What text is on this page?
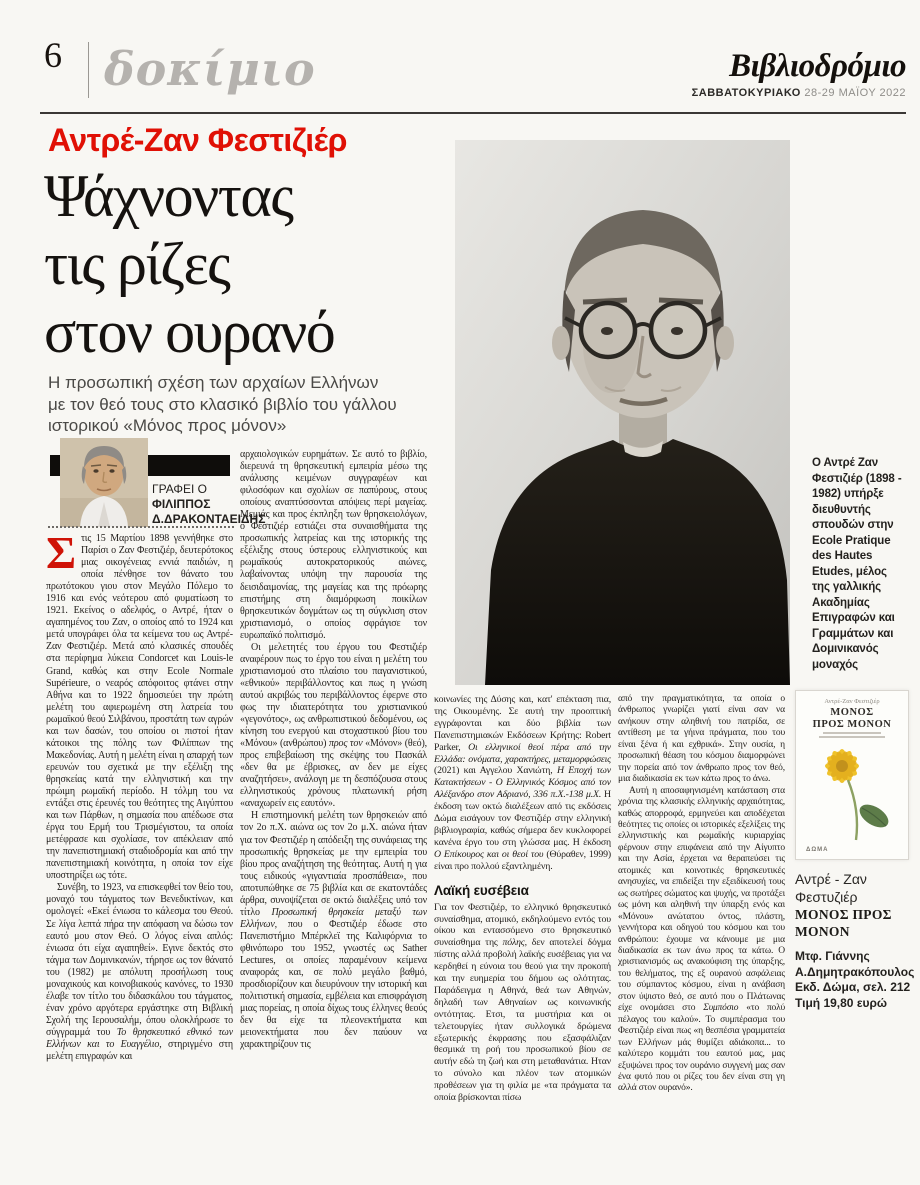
6 δοκίμιο	Βιβλιοδρόμιο
ΣΑΒΒΑΤΟΚΥΡΙΑΚΟ 28-29 ΜΑΪΟΥ 2022
Αντρέ-Ζαν Φεστιζιέρ
Ψάχνοντας
τις ρίζες
στον ουρανό
Η προσωπική σχέση των αρχαίων Ελλήνων
με τον θεό τους στο κλασικό βιβλίο του γάλλου
ιστορικού «Μόνος προς μόνον»
ΓΡΑΦΕΙ Ο ΦΙΛΙΠΠΟΣ
Δ.ΔΡΑΚΟΝΤΑΕΙΔΗΣ
Ο Αντρέ Ζαν Φεστιζιέρ (1898 - 1982) υπήρξε διευθυντής σπουδών στην Ecole Pratique des Hautes Etudes, μέλος της γαλλικής Ακαδημίας Επιγραφών και Γραμμάτων και Δομινικανός μοναχός
Αντρέ-Ζαν Φεστιζιέρ
ΜΟΝΟΣ
ΠΡΟΣ ΜΟΝΟΝ
ΔΩΜΑ
Αντρέ - Ζαν Φεστυζιέρ
ΜΟΝΟΣ ΠΡΟΣ ΜΟΝΟΝ
Μτφ. Γιάννης
Α.Δημητρακόπουλος
Εκδ. Δώμα, σελ. 212
Τιμή 19,80 ευρώ

Στις 15 Μαρτίου 1898 γεννήθηκε στο Παρίσι ο Ζαν Φεστιζιέρ, δευτερότοκος μιας οικογένειας εννιά παιδιών, η οποία πένθησε τον θάνατο του πρωτότοκου γιου στον Μεγάλο Πόλεμο το 1916 και ενός νεότερου από φυματίωση το 1921. Εκείνος ο αδελφός, ο Αντρέ, ήταν ο αγαπημένος του Ζαν, ο οποίος από το 1924 και μετά υπογράφει όλα τα κείμενα του ως Αντρέ-Ζαν Φεστιζιέρ. Μετά από κλασικές σπουδές στα περίφημα λύκεια Condorcet και Louis-le Grand, καθώς και στην Ecole Normale Supérieure, ο νεαρός απόφοιτος φτάνει στην Αθήνα και το 1922 δημοσιεύει την πρώτη μελέτη του αφιερωμένη στη λατρεία του ρωμαϊκού θεού Σιλβάνου, προστάτη των αγρών και των δασών, του οποίου οι πιστοί ήταν κάτοικοι της πόλης των Φιλίππων της Μακεδονίας. Αυτή η μελέτη είναι η απαρχή των ερευνών του σχετικά με την εξέλιξη της θρησκείας κατά την ελληνιστική και την πρώιμη ρωμαϊκή περίοδο. Η τόλμη του να εντάξει στις έρευνές του θεότητες της Αιγύπτου και των Πάρθων, η σημασία που απέδωσε στα έργα του Ερμή του Τρισμέγιστου, τα οποία μετέφρασε και σχολίασε, τον απέκλειαν από την πανεπιστημιακή σταδιοδρομία και από την πανεπιστημιακή κοινότητα, η οποία τον είχε υποστηρίξει ως τότε.

Συνέβη, το 1923, να επισκεφθεί τον θείο του, μοναχό του τάγματος των Βενεδικτίνων, και ομολογεί: «Εκεί ένιωσα το κάλεσμα του Θεού. Σε λίγα λεπτά πήρα την απόφαση να δώσω τον εαυτό μου στον Θεό. Ο λόγος είναι απλός: ένιωσα ότι είχα αγαπηθεί». Εγινε δεκτός στο τάγμα των Δομινικανών, τήρησε ως τον θάνατό του (1982) με απόλυτη προσήλωση τους μοναχικούς και κοινοβιακούς κανόνες, το 1930 έλαβε τον τίτλο του διδασκάλου του τάγματος, έναν χρόνο αργότερα εργάστηκε στη Βιβλική Σχολή της Ιερουσαλήμ, όπου ολοκλήρωσε το σύγγραμμά του Το θρησκευτικό εθνικό των Ελλήνων και το Ευαγγέλιο, στηριγμένο στη μελέτη επιγραφών και

αρχαιολογικών ευρημάτων. Σε αυτό το βιβλίο, διερευνά τη θρησκευτική εμπειρία μέσω της ανάλυσης κειμένων συγγραφέων και φιλοσόφων και σχολίων σε παπύρους, στους οποίους αναπτύσσονται απόψεις περί μαγείας. Μεμιάς και προς έκπληξη των θρησκειολόγων, ο Φεστιζιέρ εστιάζει στα συναισθήματα της προσωπικής λατρείας και της ιστορικής της εξέλιξης στους ύστερους ελληνιστικούς και ρωμαϊκούς αυτοκρατορικούς αιώνες, λαβαίνοντας υπόψη την παρουσία της δεισιδαιμονίας, της μαγείας και της πρόωρης επιστήμης στη διαμόρφωση ποικίλων θρησκευτικών δογμάτων ως τη σύγκλιση στον χριστιανισμό, ο οποίος σφράγισε τον ευρωπαϊκό πολιτισμό.

Οι μελετητές του έργου του Φεστιζιέρ αναφέρουν πως το έργο του είναι η μελέτη του χριστιανισμού στο πλαίσιο του παγανιστικού, «εθνικού» περιβάλλοντος και πως η γνώση αυτού ακριβώς του περιβάλλοντος έφερνε στο φως την ιδιαιτερότητα του χριστιανικού «γεγονότος», ως ανθρωπιστικού δεδομένου, ως κίνηση του ενεργού και στοχαστικού βίου του «Μόνου» (ανθρώπου) προς τον «Μόνον» (θεό), προς επιβεβαίωση της σκέψης του Πασκάλ «δεν θα με έβρισκες, αν δεν με είχες αναζητήσει», ανάλογη με τη δεσπόζουσα στους ελληνιστικούς χρόνους πλατωνική ρήση «αναχωρείν εις εαυτόν».

Η επιστημονική μελέτη των θρησκειών από τον 2ο π.Χ. αιώνα ως τον 2ο μ.Χ. αιώνα ήταν για τον Φεστιζιέρ η απόδειξη της συνάφειας της προσωπικής θρησκείας με την εμπειρία του βίου προς αναζήτηση της θεότητας. Αυτή η για τους ειδικούς «γιγαντιαία προσπάθεια», που αποτυπώθηκε σε 75 βιβλία και σε εκατοντάδες άρθρα, συνοψίζεται σε οκτώ διαλέξεις υπό τον τίτλο Προσωπική θρησκεία μεταξύ των Ελλήνων, που ο Φεστιζιέρ έδωσε στο Πανεπιστήμιο Μπέρκλεϊ της Καλιφόρνια το φθινόπωρο του 1952, γνωστές ως Sather Lectures, οι οποίες παραμένουν κείμενα αναφοράς και, σε πολύ μεγάλο βαθμό, προσδιορίζουν και διευρύνουν την ιστορική και πολιτιστική σημασία, εμβέλεια και επισφράγιση μιας πορείας, η οποία δίχως τους έλληνες θεούς δεν θα είχε τα πλεονεκτήματα και μειονεκτήματα που δεν παύουν να χαρακτηρίζουν τις

κοινωνίες της Δύσης και, κατ' επέκταση πια, της Οικουμένης. Σε αυτή την προοπτική εγγράφονται και δύο βιβλία των Πανεπιστημιακών Εκδόσεων Κρήτης: Robert Parker, Οι ελληνικοί θεοί πέρα από την Ελλάδα: ονόματα, χαρακτήρες, μεταμορφώσεις (2021) και Αγγελου Χανιώτη, Η Εποχή των Κατακτήσεων - Ο Ελληνικός Κόσμος από τον Αλέξανδρο στον Αδριανό, 336 π.Χ.-138 μ.Χ. Η έκδοση των οκτώ διαλέξεων από τις εκδόσεις Δώμα εισάγουν τον Φεστιζιέρ στην ελληνική βιβλιογραφία, καθώς σήμερα δεν κυκλοφορεί κανένα έργο του στη γλώσσα μας. Η έκδοση Ο Επίκουρος και οι θεοί του (Θύραθεν, 1999) είναι προ πολλού εξαντλημένη.

Λαϊκή ευσέβεια

Για τον Φεστιζιέρ, το ελληνικό θρησκευτικό συναίσθημα, ατομικό, εκδηλούμενο εντός του οίκου και εντασσόμενο στο θρησκευτικό συναίσθημα της πόλης, δεν αποτελεί δόγμα πίστης αλλά προβολή λαϊκής ευσέβειας για να κερδηθεί η εύνοια του θεού για την προκοπή και την ευημερία του δήμου ως ολότητας. Παράδειγμα η Αθηνά, θεά των Αθηνών, δηλαδή των Αθηναίων ως κοινωνικής οντότητας. Ετσι, τα μυστήρια και οι τελετουργίες ήταν συλλογικά δρώμενα εξωτερικής έκφρασης που εξασφάλιζαν θεσμικά τη ροή του προσωπικού βίου σε αυτήν εδώ τη ζωή και στη μεταθανάτια. Ηταν το σύνολο και πλέον των ατομικών προθέσεων για τη φιλία με «τα πράγματα τα οποία βρίσκονται πίσω

από την πραγματικότητα, τα οποία ο άνθρωπος γνωρίζει γιατί είναι σαν να ανήκουν στην αληθινή του πατρίδα, σε αντίθεση με τα γήινα πράγματα, που του είναι ξένα ή και εχθρικά». Στην ουσία, η προσωπική θέαση του κόσμου διαμορφώνει την πορεία από τον άνθρωπο προς τον θεό, μια διαδικασία εκ των κάτω προς το άνω.

Αυτή η αποσαφηνισμένη κατάσταση στα χρόνια της κλασικής ελληνικής αρχαιότητας, καθώς απορροφά, ερμηνεύει και αποδέχεται θεότητες τις οποίες οι ιστορικές εξελίξεις της ελληνιστικής και ρωμαϊκής κυριαρχίας φέρνουν στην επιφάνεια από την Αίγυπτο και την Ασία, έρχεται να θεραπεύσει τις ατομικές και κοινοτικές θρησκευτικές ανησυχίες, να επιδείξει την εξειδίκευσή τους ως σωτήρες σώματος και ψυχής, να προτάξει ως μόνη και αληθινή την ύπαρξη ενός και «Μόνου» ανώτατου όντος, πλάστη, γεννήτορα και οδηγού του κόσμου και του ανθρώπου: έχουμε να κάνουμε με μια διαδικασία εκ των άνω προς τα κάτω. Ο χριστιανισμός ως ανακούφιση της ύπαρξης, του θελήματος, της εξ ουρανού ασφάλειας του σύμπαντος κόσμου, είναι η ανάβαση στον ύψιστο θεό, σε αυτό που ο Πλάτωνας είχε ονομάσει στο Συμπόσιο «το πολύ πέλαγος του καλού». Το συμπέρασμα του Φεστιζιέρ είναι πως «η θεσπέσια γραμματεία των Ελλήνων μάς θυμίζει αδιάκοπα... το καλύτερο κομμάτι του εαυτού μας, μας εξυψώνει προς τον ουράνιο συγγενή μας σαν ένα φυτό που οι ρίζες του δεν είναι στη γη αλλά στον ουρανό».
